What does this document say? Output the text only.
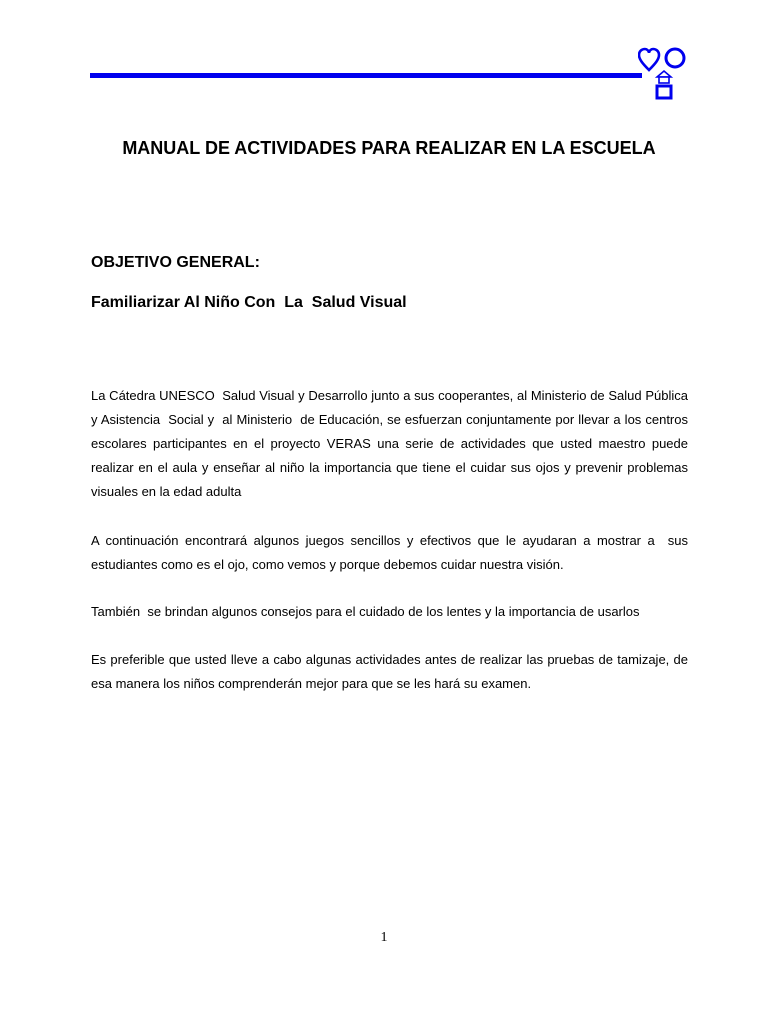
MANUAL DE ACTIVIDADES PARA REALIZAR EN LA ESCUELA

OBJETIVO GENERAL:

Familiarizar Al Niño Con  La  Salud Visual

La Cátedra UNESCO  Salud Visual y Desarrollo junto a sus cooperantes, al Ministerio de Salud Pública y Asistencia  Social y  al Ministerio  de Educación, se esfuerzan conjuntamente por llevar a los centros escolares participantes en el proyecto VERAS una serie de actividades que usted maestro puede realizar en el aula y enseñar al niño la importancia que tiene el cuidar sus ojos y prevenir problemas visuales en la edad adulta

A continuación encontrará algunos juegos sencillos y efectivos que le ayudaran a mostrar a  sus estudiantes como es el ojo, como vemos y porque debemos cuidar nuestra visión.

También  se brindan algunos consejos para el cuidado de los lentes y la importancia de usarlos

Es preferible que usted lleve a cabo algunas actividades antes de realizar las pruebas de tamizaje, de esa manera los niños comprenderán mejor para que se les hará su examen.

1
